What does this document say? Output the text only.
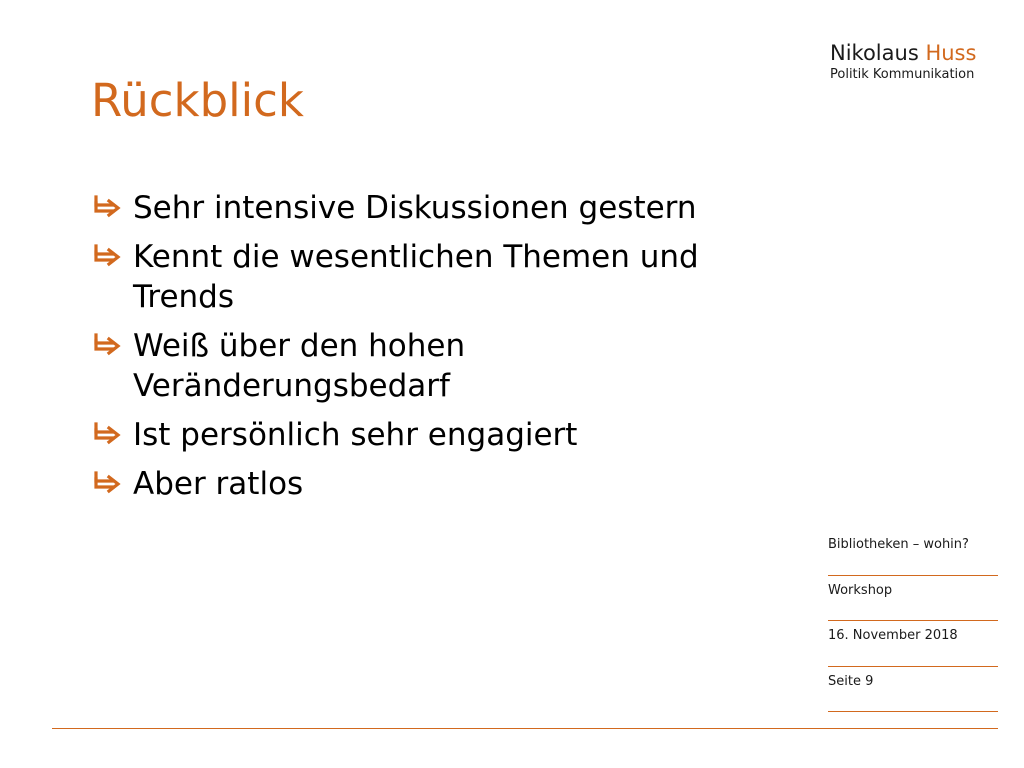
Nikolaus Huss
Politik Kommunikation
Rückblick
Sehr intensive Diskussionen gestern
Kennt die wesentlichen Themen und Trends
Weiß über den hohen Veränderungsbedarf
Ist persönlich sehr engagiert
Aber ratlos
Bibliotheken – wohin?
Workshop
16. November 2018
Seite 9
